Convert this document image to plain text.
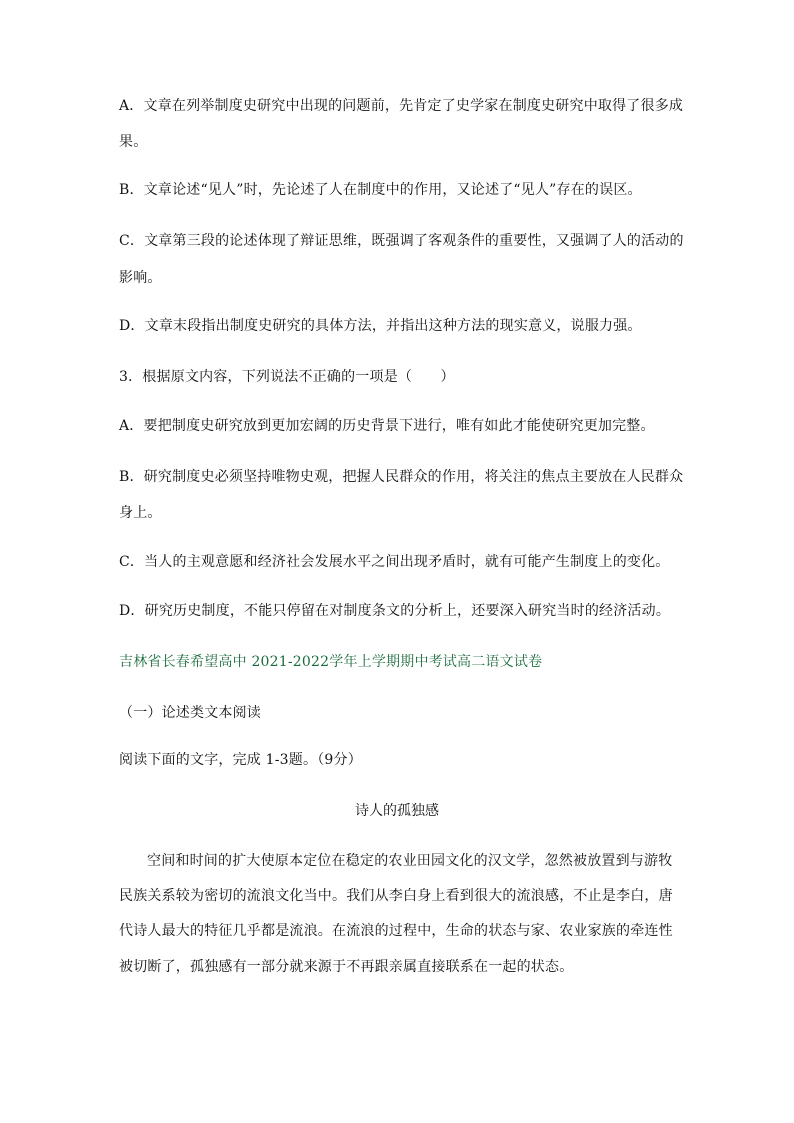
A．文章在列举制度史研究中出现的问题前，先肯定了史学家在制度史研究中取得了很多成
果。
B．文章论述“见人”时，先论述了人在制度中的作用，又论述了“见人”存在的误区。
C．文章第三段的论述体现了辩证思维，既强调了客观条件的重要性，又强调了人的活动的
影响。
D．文章末段指出制度史研究的具体方法，并指出这种方法的现实意义，说服力强。
3．根据原文内容，下列说法不正确的一项是（　　）
A．要把制度史研究放到更加宏阔的历史背景下进行，唯有如此才能使研究更加完整。
B．研究制度史必须坚持唯物史观，把握人民群众的作用，将关注的焦点主要放在人民群众
身上。
C．当人的主观意愿和经济社会发展水平之间出现矛盾时，就有可能产生制度上的变化。
D．研究历史制度，不能只停留在对制度条文的分析上，还要深入研究当时的经济活动。
吉林省长春希望高中 2021-2022学年上学期期中考试高二语文试卷
（一）论述类文本阅读
阅读下面的文字，完成 1-3题。（9分）
诗人的孤独感
空间和时间的扩大使原本定位在稳定的农业田园文化的汉文学，忽然被放置到与游牧
民族关系较为密切的流浪文化当中。我们从李白身上看到很大的流浪感，不止是李白，唐
代诗人最大的特征几乎都是流浪。在流浪的过程中，生命的状态与家、农业家族的牵连性
被切断了，孤独感有一部分就来源于不再跟亲属直接联系在一起的状态。
